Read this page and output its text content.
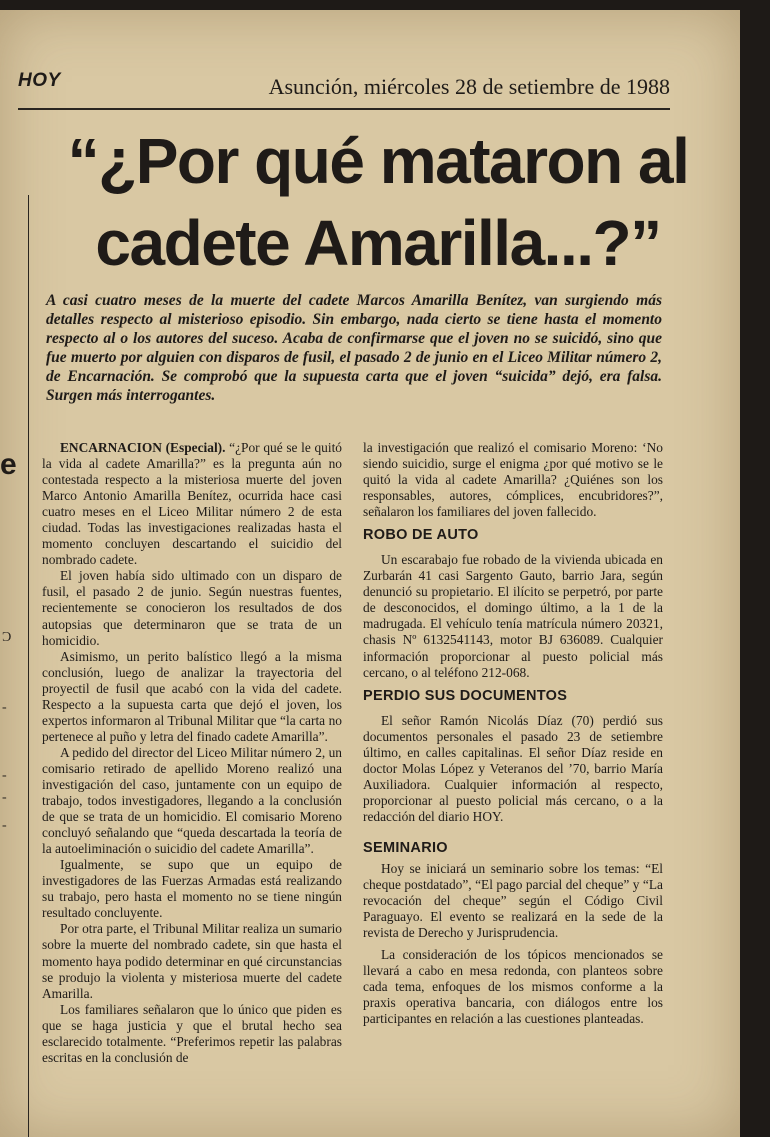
e
Ɔ
-
-
-
-
HOY	Asunción, miércoles 28 de setiembre de 1988
“¿Por qué mataron al cadete Amarilla...?”
A casi cuatro meses de la muerte del cadete Marcos Amarilla Benítez, van surgiendo más detalles respecto al misterioso episodio. Sin embargo, nada cierto se tiene hasta el momento respecto al o los autores del suceso. Acaba de confirmarse que el joven no se suicidó, sino que fue muerto por alguien con disparos de fusil, el pasado 2 de junio en el Liceo Militar número 2, de Encarnación. Se comprobó que la supuesta carta que el joven “suicida” dejó, era falsa. Surgen más interrogantes.

ENCARNACION (Especial). “¿Por qué se le quitó la vida al cadete Amarilla?” es la pregunta aún no contestada respecto a la misteriosa muerte del joven Marco Antonio Amarilla Benítez, ocurrida hace casi cuatro meses en el Liceo Militar número 2 de esta ciudad. Todas las investigaciones realizadas hasta el momento concluyen descartando el suicidio del nombrado cadete.

El joven había sido ultimado con un disparo de fusil, el pasado 2 de junio. Según nuestras fuentes, recientemente se conocieron los resultados de dos autopsias que determinaron que se trata de un homicidio.

Asimismo, un perito balístico llegó a la misma conclusión, luego de analizar la trayectoria del proyectil de fusil que acabó con la vida del cadete. Respecto a la supuesta carta que dejó el joven, los expertos informaron al Tribunal Militar que “la carta no pertenece al puño y letra del finado cadete Amarilla”.

A pedido del director del Liceo Militar número 2, un comisario retirado de apellido Moreno realizó una investigación del caso, juntamente con un equipo de trabajo, todos investigadores, llegando a la conclusión de que se trata de un homicidio. El comisario Moreno concluyó señalando que “queda descartada la teoría de la autoeliminación o suicidio del cadete Amarilla”.

Igualmente, se supo que un equipo de investigadores de las Fuerzas Armadas está realizando su trabajo, pero hasta el momento no se tiene ningún resultado concluyente.

Por otra parte, el Tribunal Militar realiza un sumario sobre la muerte del nombrado cadete, sin que hasta el momento haya podido determinar en qué circunstancias se produjo la violenta y misteriosa muerte del cadete Amarilla.

Los familiares señalaron que lo único que piden es que se haga justicia y que el brutal hecho sea esclarecido totalmente. “Preferimos repetir las palabras escritas en la conclusión de

la investigación que realizó el comisario Moreno: ‘No siendo suicidio, surge el enigma ¿por qué motivo se le quitó la vida al cadete Amarilla? ¿Quiénes son los responsables, autores, cómplices, encubridores?”, señalaron los familiares del joven fallecido.

ROBO DE AUTO

Un escarabajo fue robado de la vivienda ubicada en Zurbarán 41 casi Sargento Gauto, barrio Jara, según denunció su propietario. El ilícito se perpetró, por parte de desconocidos, el domingo último, a la 1 de la madrugada. El vehículo tenía matrícula número 20321, chasis Nº 6132541143, motor BJ 636089. Cualquier información proporcionar al puesto policial más cercano, o al teléfono 212-068.

PERDIO SUS DOCUMENTOS

El señor Ramón Nicolás Díaz (70) perdió sus documentos personales el pasado 23 de setiembre último, en calles capitalinas. El señor Díaz reside en doctor Molas López y Veteranos del ’70, barrio María Auxiliadora. Cualquier información al respecto, proporcionar al puesto policial más cercano, o a la redacción del diario HOY.

SEMINARIO

Hoy se iniciará un seminario sobre los temas: “El cheque postdatado”, “El pago parcial del cheque” y “La revocación del cheque” según el Código Civil Paraguayo. El evento se realizará en la sede de la revista de Derecho y Jurisprudencia.

La consideración de los tópicos mencionados se llevará a cabo en mesa redonda, con planteos sobre cada tema, enfoques de los mismos conforme a la praxis operativa bancaria, con diálogos entre los participantes en relación a las cuestiones planteadas.
